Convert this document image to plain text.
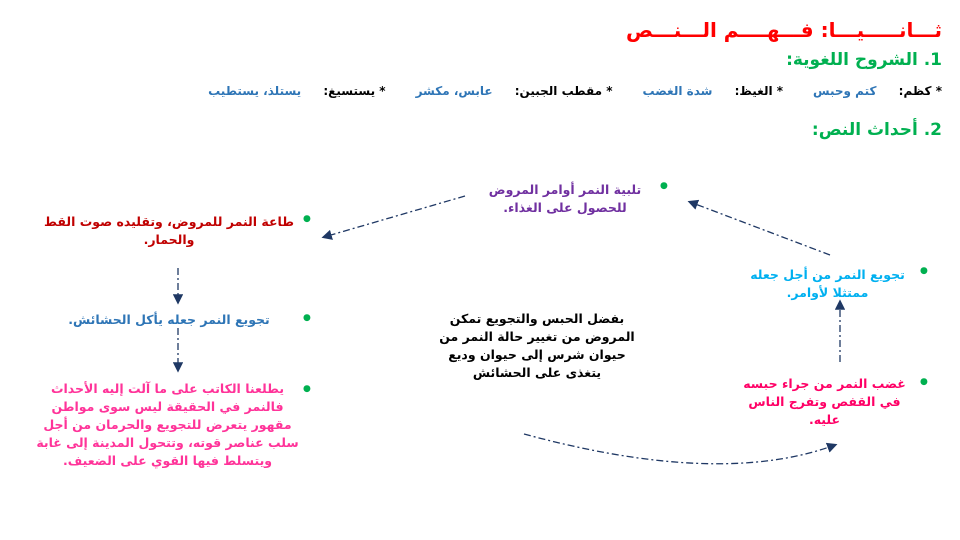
ثـــانـــــيـــا: فـــهــــم الـــنـــص
1. الشروح اللغوية:
* كظم: كتم وحبس
* الغيظ: شدة الغضب
* مقطب الجبين: عابس، مكشر
* يستسيغ: يستلذ، يستطيب
2. أحداث النص:
●
تلبية النمر أوامر المروض للحصول على الغذاء.
●
طاعة النمر للمروض، وتقليده صوت القط والحمار.
●
تجويع النمر جعله يأكل الحشائش.
●
يطلعنا الكاتب على ما آلت إليه الأحداث فالنمر في الحقيقة ليس سوى مواطن مقهور يتعرض للتجويع والحرمان من أجل سلب عناصر قوته، وتتحول المدينة إلى غابة ويتسلط فيها القوي على الضعيف.
●
تجويع النمر من أجل جعله ممتثلا لأوامر.
●
غضب النمر من جراء حبسه في القفص وتفرج الناس عليه.
بفضل الحبس والتجويع تمكن المروض من تغيير حالة النمر من حيوان شرس إلى حيوان وديع يتغذى على الحشائش
